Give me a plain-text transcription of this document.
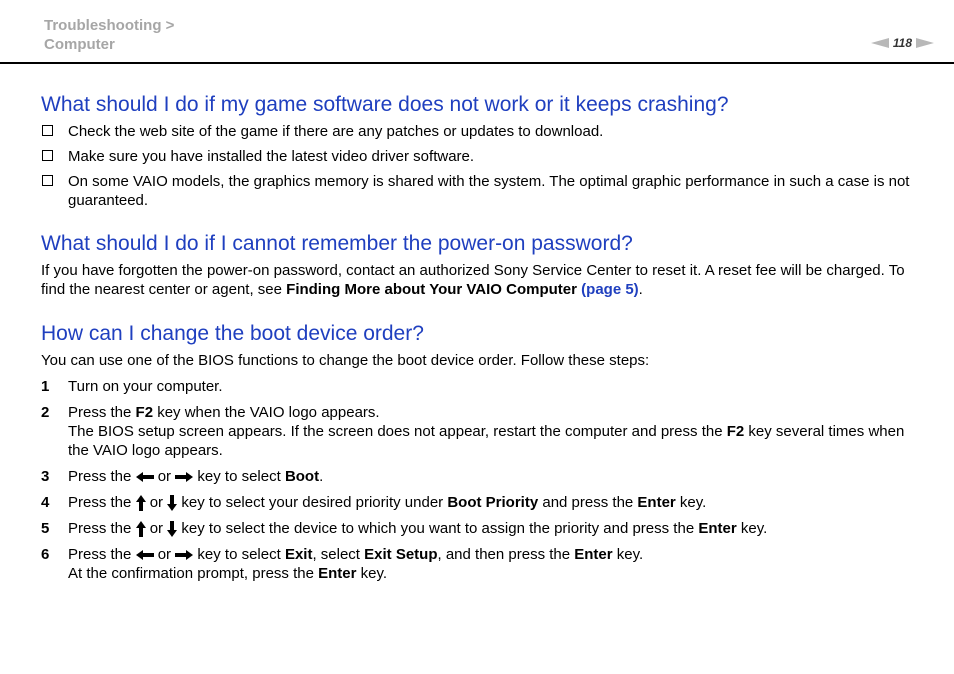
Troubleshooting >
Computer	118
What should I do if my game software does not work or it keeps crashing?
Check the web site of the game if there are any patches or updates to download.
Make sure you have installed the latest video driver software.
On some VAIO models, the graphics memory is shared with the system. The optimal graphic performance in such a case is not guaranteed.
What should I do if I cannot remember the power-on password?

If you have forgotten the power-on password, contact an authorized Sony Service Center to reset it. A reset fee will be charged. To find the nearest center or agent, see Finding More about Your VAIO Computer (page 5).

How can I change the boot device order?

You can use one of the BIOS functions to change the boot device order. Follow these steps:

1 Turn on your computer.
2 Press the F2 key when the VAIO logo appears.
The BIOS setup screen appears. If the screen does not appear, restart the computer and press the F2 key several times when the VAIO logo appears.
3 Press the  or  key to select Boot.
4 Press the  or  key to select your desired priority under Boot Priority and press the Enter key.
5 Press the  or  key to select the device to which you want to assign the priority and press the Enter key.
6 Press the  or  key to select Exit, select Exit Setup, and then press the Enter key.
At the confirmation prompt, press the Enter key.
